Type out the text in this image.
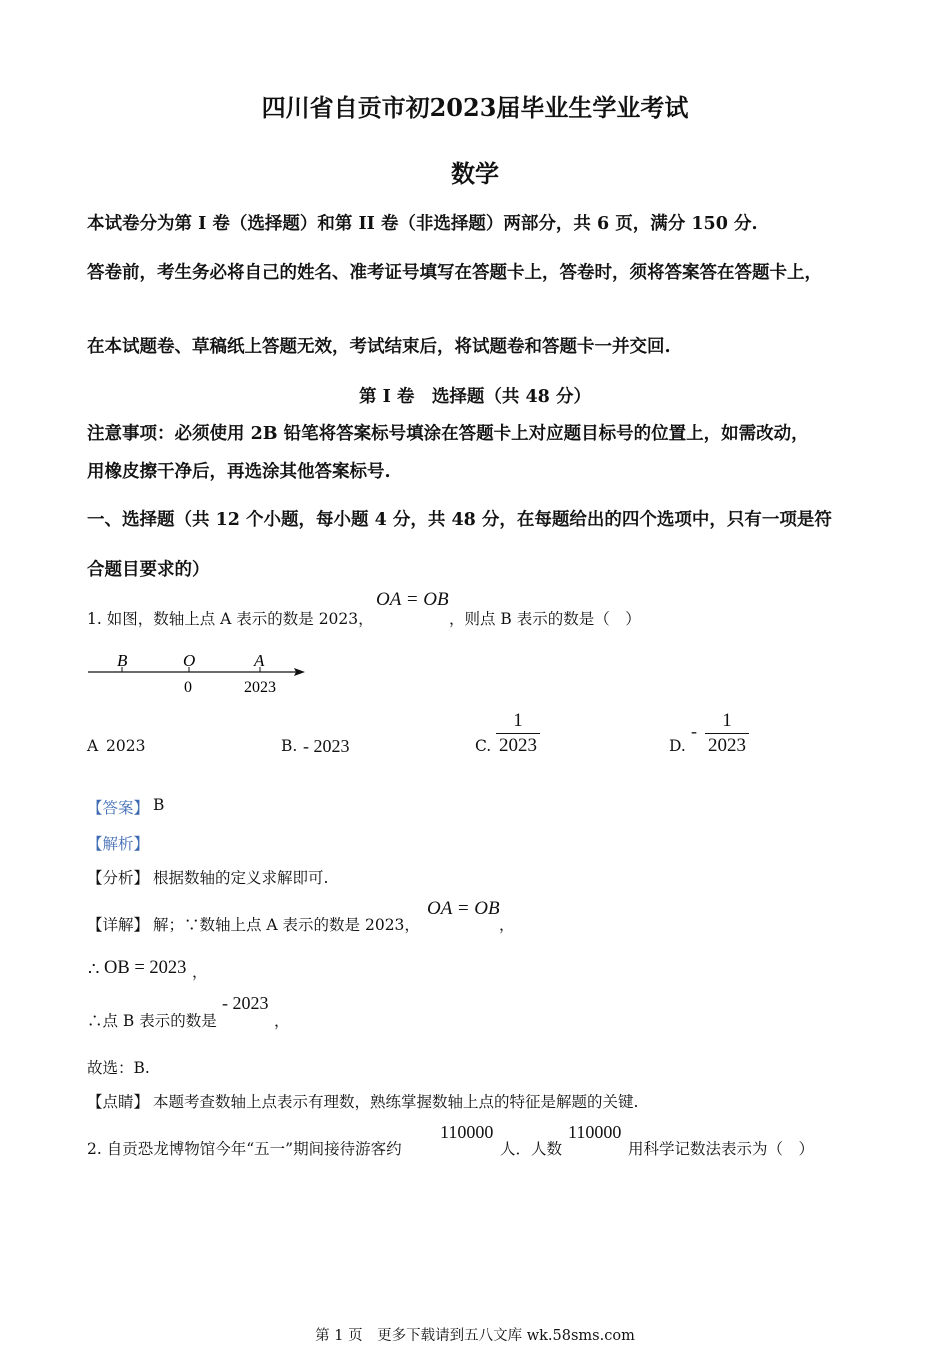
四川省自贡市初2023届毕业生学业考试
数学
本试卷分为第 I 卷（选择题）和第 II 卷（非选择题）两部分，共 6 页，满分 150 分.
答卷前，考生务必将自己的姓名、准考证号填写在答题卡上，答卷时，须将答案答在答题卡上，
在本试题卷、草稿纸上答题无效，考试结束后，将试题卷和答题卡一并交回.
第 I 卷　选择题（共 48 分）
注意事项：必须使用 2B 铅笔将答案标号填涂在答题卡上对应题目标号的位置上，如需改动，
用橡皮擦干净后，再选涂其他答案标号.
一、选择题（共 12 个小题，每小题 4 分，共 48 分，在每题给出的四个选项中，只有一项是符
合题目要求的）
1. 如图，数轴上点 A 表示的数是 2023，
OA = OB
，则点 B 表示的数是（　）
B	O	A
0	2023
A 2023	B. - 2023	C.
1
2023	D.
-	1
2023
【答案】 B
【解析】
【分析】 根据数轴的定义求解即可.
【详解】 解；∵数轴上点 A 表示的数是 2023，
OA = OB
，
∴ OB = 2023 ，
∴点 B 表示的数是
- 2023
，
故选：B.
【点睛】 本题考查数轴上点表示有理数，熟练掌握数轴上点的特征是解题的关键.
2. 自贡恐龙博物馆今年“五一”期间接待游客约
110000
人．人数
110000
用科学记数法表示为（　）
第 1 页　更多下载请到五八文库 wk.58sms.com
